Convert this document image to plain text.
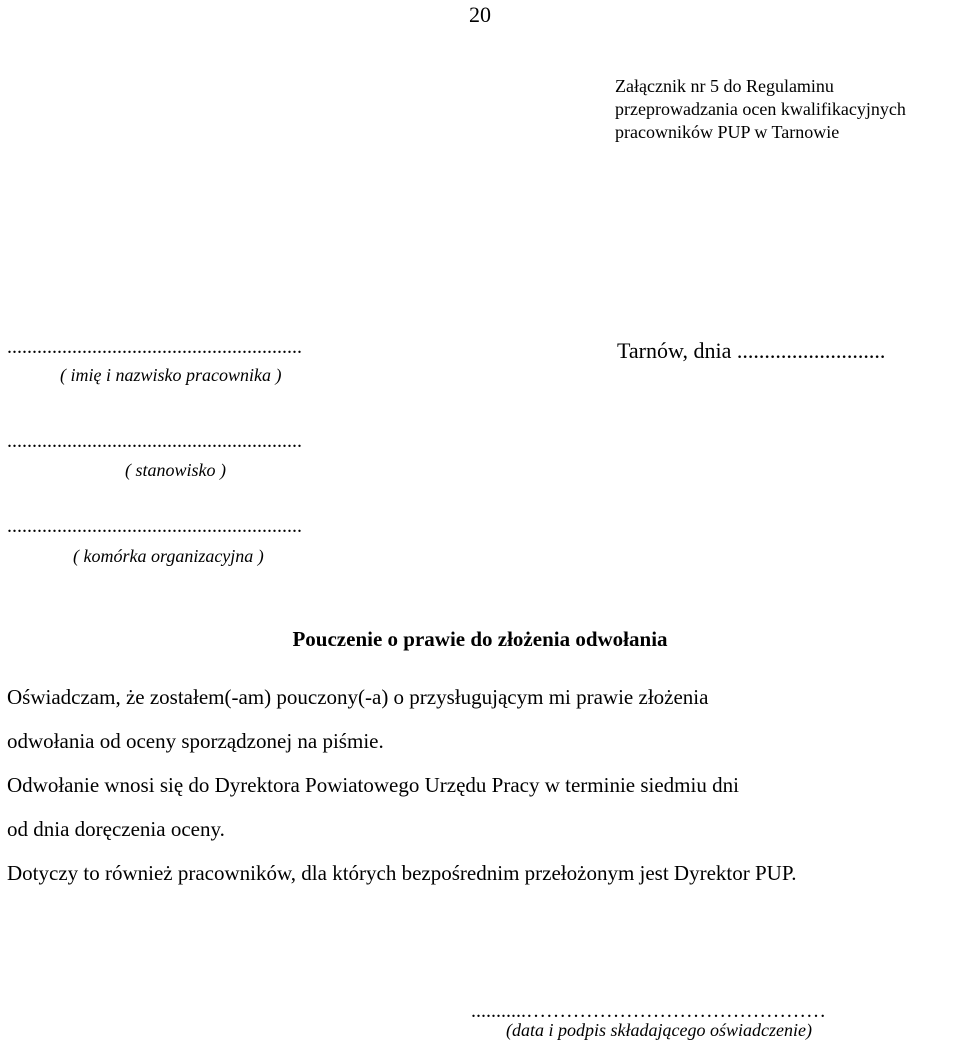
20
Załącznik nr 5 do Regulaminu
przeprowadzania ocen kwalifikacyjnych
pracowników PUP w Tarnowie
...........................................................
( imię i nazwisko pracownika )
Tarnów, dnia ...........................
...........................................................
( stanowisko )
...........................................................
( komórka organizacyjna )
Pouczenie o prawie do złożenia odwołania
Oświadczam, że zostałem(-am) pouczony(-a) o przysługującym mi prawie złożenia
odwołania od oceny sporządzonej na piśmie.
Odwołanie wnosi się do Dyrektora Powiatowego Urzędu Pracy w terminie siedmiu dni
od dnia doręczenia oceny.
Dotyczy to również pracowników, dla których bezpośrednim przełożonym jest Dyrektor PUP.
...........………………………………………
(data i podpis składającego oświadczenie)
